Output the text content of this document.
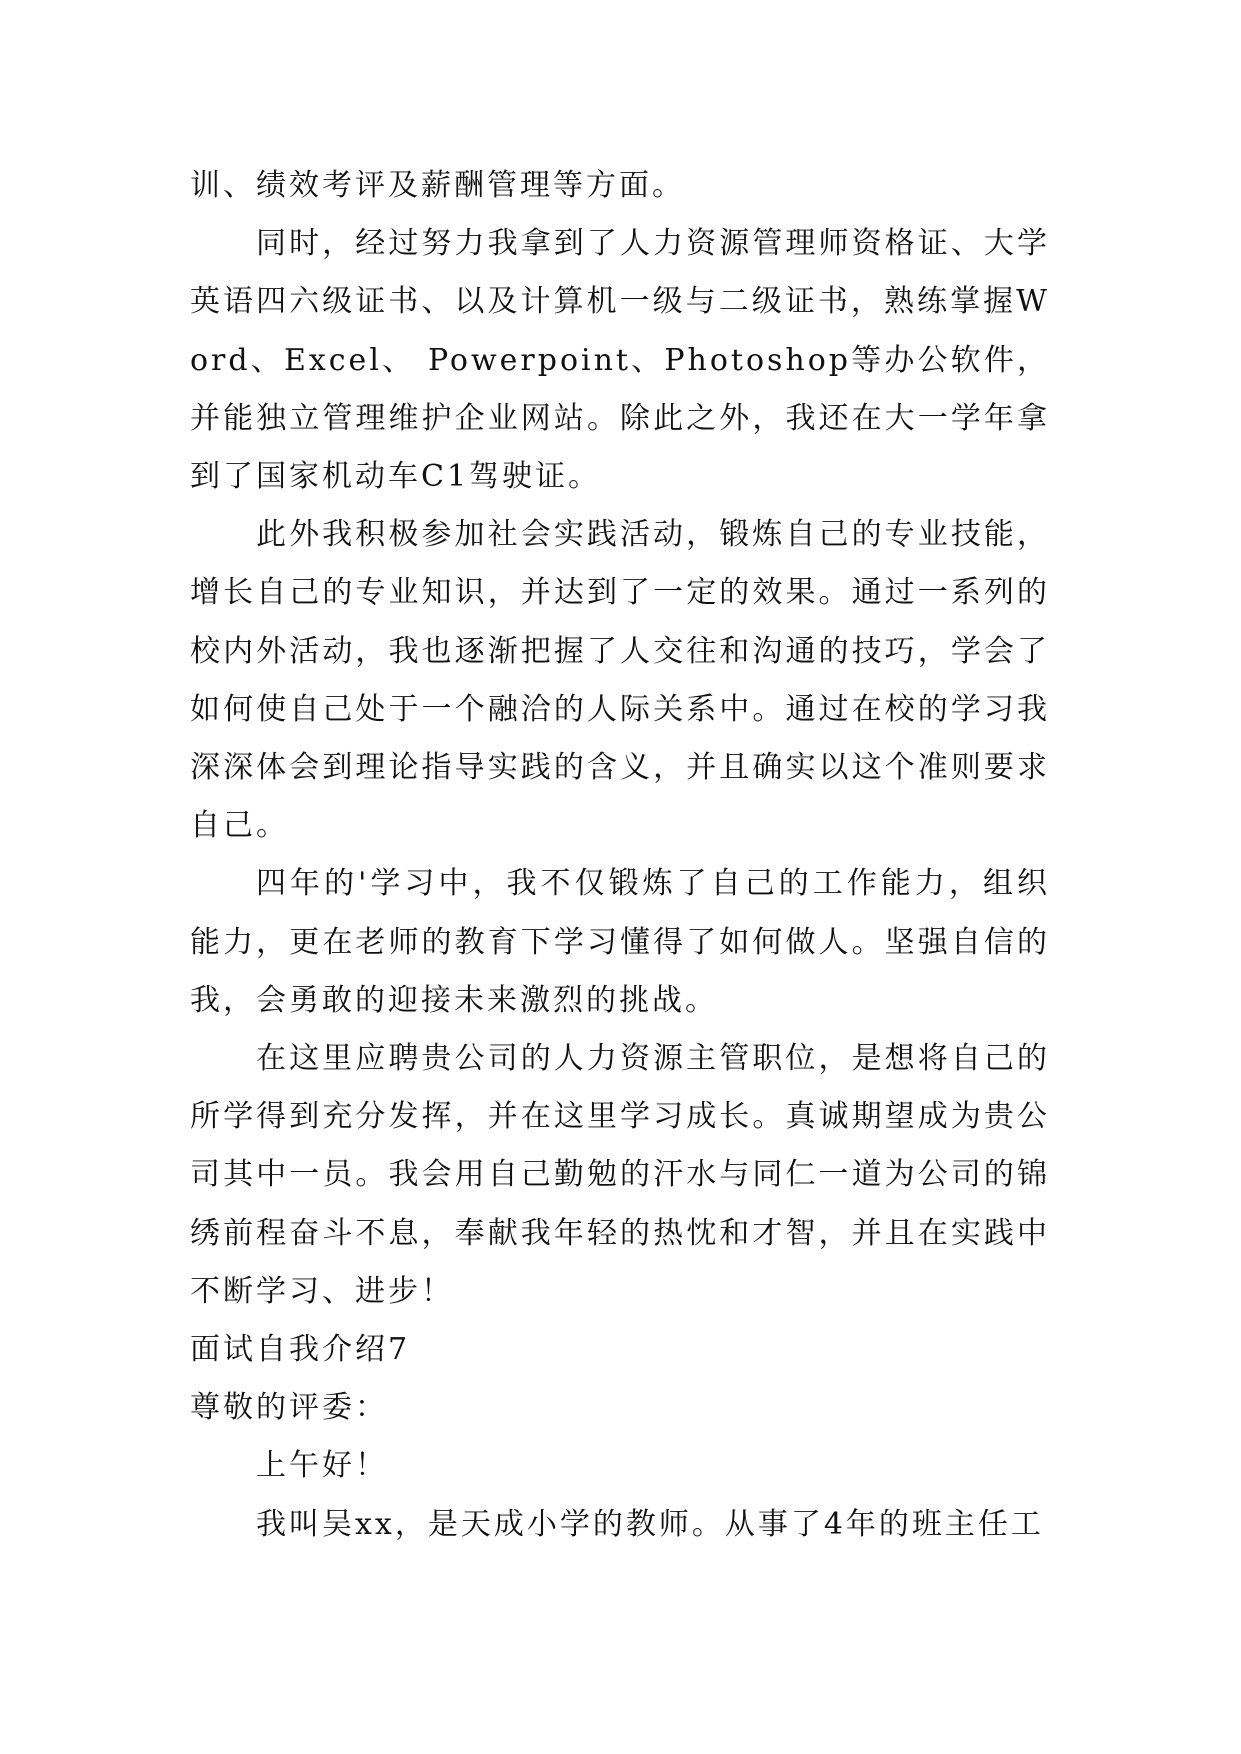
训、绩效考评及薪酬管理等方面。

同时，经过努力我拿到了人力资源管理师资格证、大学英语四六级证书、以及计算机一级与二级证书，熟练掌握Word、Excel、 Powerpoint、Photoshop等办公软件，并能独立管理维护企业网站。除此之外，我还在大一学年拿到了国家机动车C1驾驶证。

此外我积极参加社会实践活动，锻炼自己的专业技能，增长自己的专业知识，并达到了一定的效果。通过一系列的校内外活动，我也逐渐把握了人交往和沟通的技巧，学会了如何使自己处于一个融洽的人际关系中。通过在校的学习我深深体会到理论指导实践的含义，并且确实以这个准则要求自己。

四年的'学习中，我不仅锻炼了自己的工作能力，组织能力，更在老师的教育下学习懂得了如何做人。坚强自信的我，会勇敢的迎接未来激烈的挑战。

在这里应聘贵公司的人力资源主管职位，是想将自己的所学得到充分发挥，并在这里学习成长。真诚期望成为贵公司其中一员。我会用自己勤勉的汗水与同仁一道为公司的锦绣前程奋斗不息，奉献我年轻的热忱和才智，并且在实践中不断学习、进步！

面试自我介绍7

尊敬的评委：

上午好！

我叫吴xx，是天成小学的教师。从事了4年的班主任工
